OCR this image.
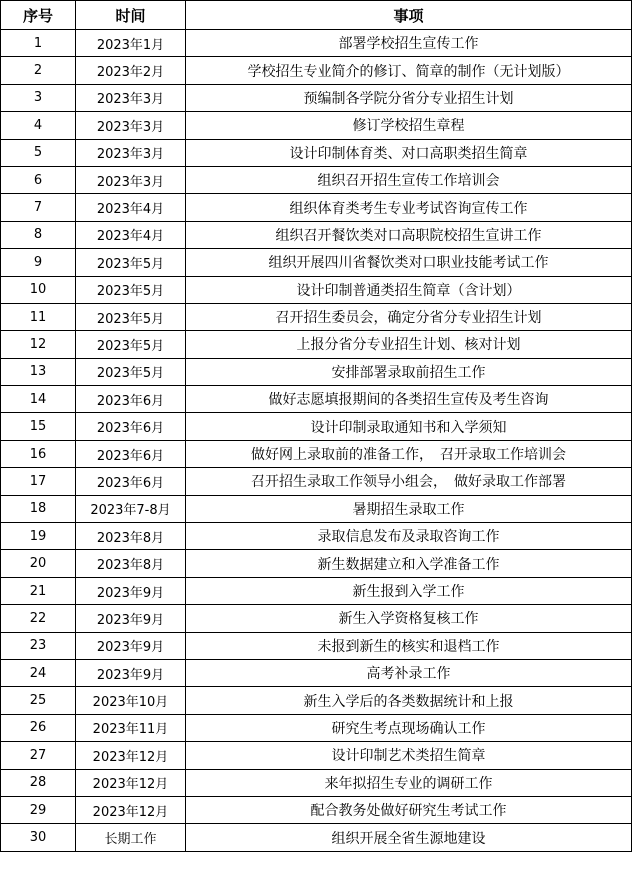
序号	时间	事项
1	2023年1月	部署学校招生宣传工作
2	2023年2月	学校招生专业简介的修订、简章的制作（无计划版）
3	2023年3月	预编制各学院分省分专业招生计划
4	2023年3月	修订学校招生章程
5	2023年3月	设计印制体育类、对口高职类招生简章
6	2023年3月	组织召开招生宣传工作培训会
7	2023年4月	组织体育类考生专业考试咨询宣传工作
8	2023年4月	组织召开餐饮类对口高职院校招生宣讲工作
9	2023年5月	组织开展四川省餐饮类对口职业技能考试工作
10	2023年5月	设计印制普通类招生简章（含计划）
11	2023年5月	召开招生委员会，确定分省分专业招生计划
12	2023年5月	上报分省分专业招生计划、核对计划
13	2023年5月	安排部署录取前招生工作
14	2023年6月	做好志愿填报期间的各类招生宣传及考生咨询
15	2023年6月	设计印制录取通知书和入学须知
16	2023年6月	做好网上录取前的准备工作，　召开录取工作培训会
17	2023年6月	召开招生录取工作领导小组会，　做好录取工作部署
18	2023年7-8月	暑期招生录取工作
19	2023年8月	录取信息发布及录取咨询工作
20	2023年8月	新生数据建立和入学准备工作
21	2023年9月	新生报到入学工作
22	2023年9月	新生入学资格复核工作
23	2023年9月	未报到新生的核实和退档工作
24	2023年9月	高考补录工作
25	2023年10月	新生入学后的各类数据统计和上报
26	2023年11月	研究生考点现场确认工作
27	2023年12月	设计印制艺术类招生简章
28	2023年12月	来年拟招生专业的调研工作
29	2023年12月	配合教务处做好研究生考试工作
30	长期工作	组织开展全省生源地建设
